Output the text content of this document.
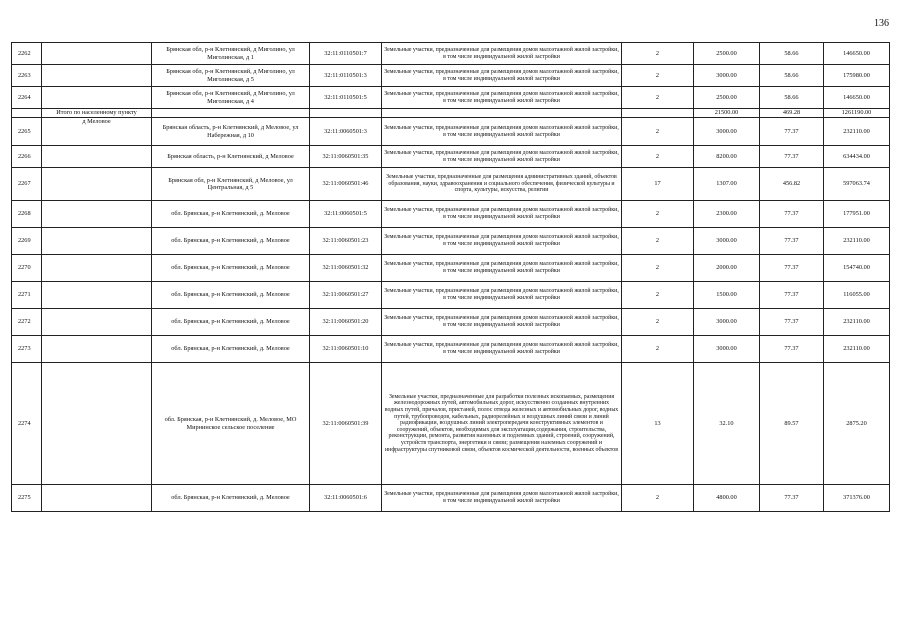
136
2262		Брянская обл, р-н Клетнянский, д Миголино, ул Миголинская, д 1	32:11:0110501:7	Земельные участки, предназначенные для размещения домов малоэтажной жилой застройки, в том числе индивидуальной жилой застройки	2	2500.00	58.66	146650.00
2263		Брянская обл, р-н Клетнянский, д Миголино, ул Миголинская, д 5	32:11:0110501:3	Земельные участки, предназначенные для размещения домов малоэтажной жилой застройки, в том числе индивидуальной жилой застройки	2	3000.00	58.66	175980.00
2264		Брянская обл, р-н Клетнянский, д Миголино, ул Миголинская, д 4	32:11:0110501:5	Земельные участки, предназначенные для размещения домов малоэтажной жилой застройки, в том числе индивидуальной жилой застройки	2	2500.00	58.66	146650.00
	Итого по населенному пункту					21500.00	469.28	1261190.00
2265	д Меловое	Брянская область, р-н Клетнянский, д Меловое, ул Набережная, д 10	32:11:0060501:3	Земельные участки, предназначенные для размещения домов малоэтажной жилой застройки, в том числе индивидуальной жилой застройки	2	3000.00	77.37	232110.00
2266		Брянская область, р-н Клетнянский, д Меловое	32:11:0060501:35	Земельные участки, предназначенные для размещения домов малоэтажной жилой застройки, в том числе индивидуальной жилой застройки	2	8200.00	77.37	634434.00
2267		Брянская обл, р-н Клетнянский, д Меловое, ул Центральная, д 5	32:11:0060501:46	Земельные участки, предназначенные для размещения административных зданий, объектов образования, науки, здравоохранения и социального обеспечения, физической культуры и спорта, культуры, искусства, религии	17	1307.00	456.82	597063.74
2268		обл. Брянская, р-н Клетнянский, д. Меловое	32:11:0060501:5	Земельные участки, предназначенные для размещения домов малоэтажной жилой застройки, в том числе индивидуальной жилой застройки	2	2300.00	77.37	177951.00
2269		обл. Брянская, р-н Клетнянский, д. Меловое	32:11:0060501:23	Земельные участки, предназначенные для размещения домов малоэтажной жилой застройки, в том числе индивидуальной жилой застройки	2	3000.00	77.37	232110.00
2270		обл. Брянская, р-н Клетнянский, д. Меловое	32:11:0060501:32	Земельные участки, предназначенные для размещения домов малоэтажной жилой застройки, в том числе индивидуальной жилой застройки	2	2000.00	77.37	154740.00
2271		обл. Брянская, р-н Клетнянский, д. Меловое	32:11:0060501:27	Земельные участки, предназначенные для размещения домов малоэтажной жилой застройки, в том числе индивидуальной жилой застройки	2	1500.00	77.37	116055.00
2272		обл. Брянская, р-н Клетнянский, д. Меловое	32:11:0060501:20	Земельные участки, предназначенные для размещения домов малоэтажной жилой застройки, в том числе индивидуальной жилой застройки	2	3000.00	77.37	232110.00
2273		обл. Брянская, р-н Клетнянский, д. Меловое	32:11:0060501:10	Земельные участки, предназначенные для размещения домов малоэтажной жилой застройки, в том числе индивидуальной жилой застройки	2	3000.00	77.37	232110.00
2274		обл. Брянская, р-н Клетнянский, д. Меловое, МО Мирнинское сельское поселение	32:11:0060501:39	Земельные участки, предназначенные для разработки полезных ископаемых, размещения железнодорожных путей, автомобильных дорог, искусственно созданных внутренних водных путей, причалов, пристаней, полос отвода железных и автомобильных дорог, водных путей, трубопроводов, кабельных, радиорелейных и воздушных линий связи и линий радиофикации, воздушных линий электропередачи конструктивных элементов и сооружений, объектов, необходимых для эксплуатации,содержания, строительства, реконструкции, ремонта, развития наземных и подземных зданий, строений, сооружений, устройств транспорта, энергетики и связи; размещения наземных сооружений и инфраструктуры спутниковой связи, объектов космической деятельности, военных объектов	13	32.10	89.57	2875.20
2275		обл. Брянская, р-н Клетнянский, д. Меловое	32:11:0060501:6	Земельные участки, предназначенные для размещения домов малоэтажной жилой застройки, в том числе индивидуальной жилой застройки	2	4800.00	77.37	371376.00
